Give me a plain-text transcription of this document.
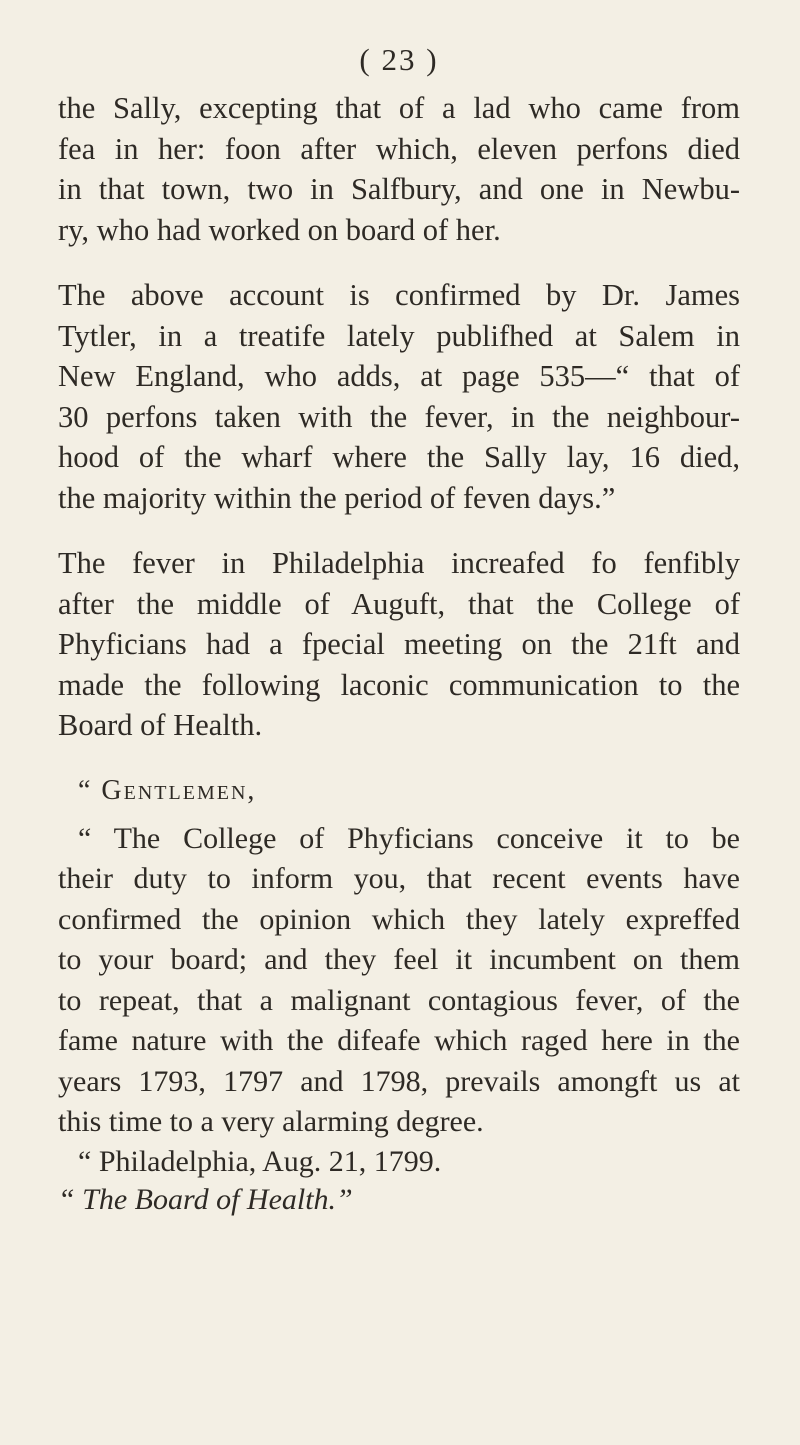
( 23 )
the Sally, excepting that of a lad who came from
fea in her: foon after which, eleven perfons died
in that town, two in Salfbury, and one in Newbu-
ry, who had worked on board of her.
The above account is confirmed by Dr. James
Tytler, in a treatife lately publifhed at Salem in
New England, who adds, at page 535—“ that of
30 perfons taken with the fever, in the neighbour-
hood of the wharf where the Sally lay, 16 died,
the majority within the period of feven days.”
The fever in Philadelphia increafed fo fenfibly
after the middle of Auguft, that the College of
Phyficians had a fpecial meeting on the 21ft and
made the following laconic communication to the
Board of Health.
“ Gentlemen,
“ The College of Phyficians conceive it to be
their duty to inform you, that recent events have
confirmed the opinion which they lately expreffed
to your board; and they feel it incumbent on them
to repeat, that a malignant contagious fever, of the
fame nature with the difeafe which raged here in the
years 1793, 1797 and 1798, prevails amongft us at
this time to a very alarming degree.

“ Philadelphia, Aug. 21, 1799.

“ The Board of Health.”
